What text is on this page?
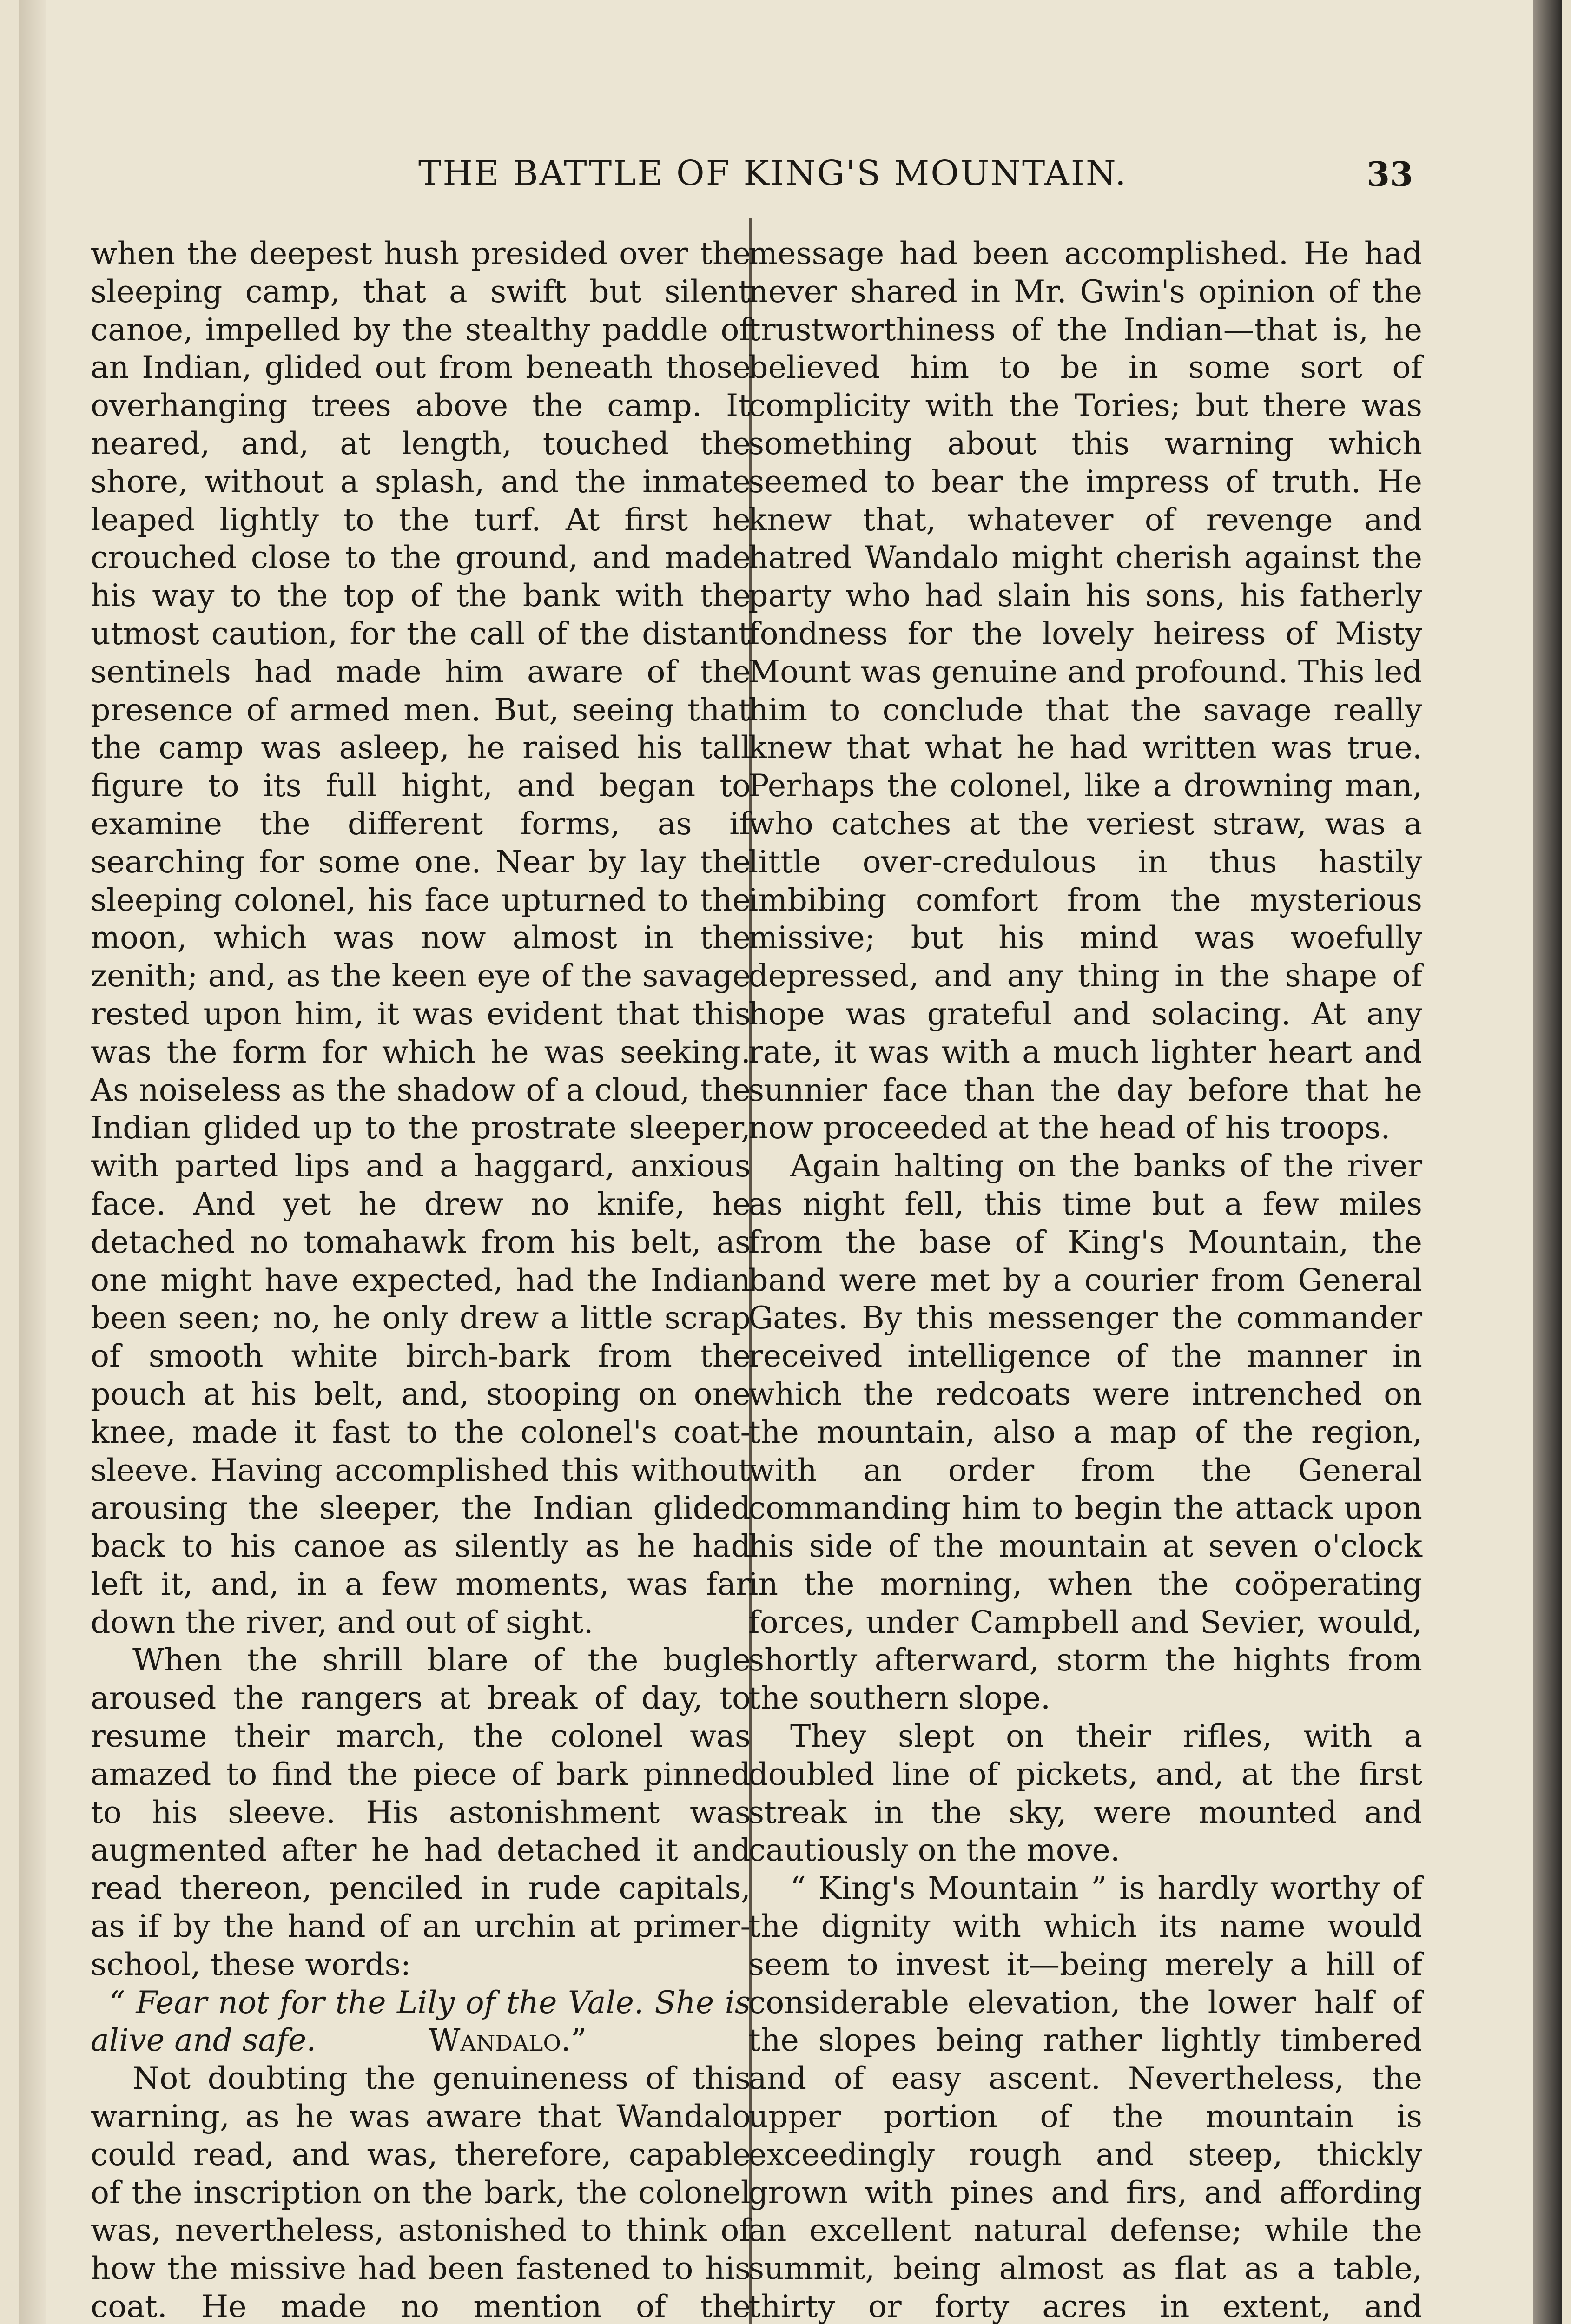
THE BATTLE OF KING'S MOUNTAIN.	33

when the deepest hush presided over the sleeping camp, that a swift but silent canoe, impelled by the stealthy paddle of an Indian, glided out from beneath those overhanging trees above the camp. It neared, and, at length, touched the shore, without a splash, and the inmate leaped lightly to the turf. At first he crouched close to the ground, and made his way to the top of the bank with the utmost caution, for the call of the distant sentinels had made him aware of the presence of armed men. But, seeing that the camp was asleep, he raised his tall figure to its full hight, and began to examine the different forms, as if searching for some one. Near by lay the sleeping colonel, his face upturned to the moon, which was now almost in the zenith; and, as the keen eye of the savage rested upon him, it was evident that this was the form for which he was seeking. As noiseless as the shadow of a cloud, the Indian glided up to the prostrate sleeper, with parted lips and a haggard, anxious face. And yet he drew no knife, he detached no tomahawk from his belt, as one might have expected, had the Indian been seen; no, he only drew a little scrap of smooth white birch-bark from the pouch at his belt, and, stooping on one knee, made it fast to the colonel's coat-sleeve. Having accomplished this without arousing the sleeper, the Indian glided back to his canoe as silently as he had left it, and, in a few moments, was far down the river, and out of sight.

When the shrill blare of the bugle aroused the rangers at break of day, to resume their march, the colonel was amazed to find the piece of bark pinned to his sleeve. His astonishment was augmented after he had detached it and read thereon, penciled in rude capitals, as if by the hand of an urchin at primer-school, these words:

“ Fear not for the Lily of the Vale. She is alive and safe.    	Wandalo.”

Not doubting the genuineness of this warning, as he was aware that Wandalo could read, and was, therefore, capable of the inscription on the bark, the colonel was, nevertheless, astonished to think of how the missive had been fastened to his coat. He made no mention of the

message had been accomplished. He had never shared in Mr. Gwin's opinion of the trustworthiness of the Indian—that is, he believed him to be in some sort of complicity with the Tories; but there was something about this warning which seemed to bear the impress of truth. He knew that, whatever of revenge and hatred Wandalo might cherish against the party who had slain his sons, his fatherly fondness for the lovely heiress of Misty Mount was genuine and profound. This led him to conclude that the savage really knew that what he had written was true. Perhaps the colonel, like a drowning man, who catches at the veriest straw, was a little over-credulous in thus hastily imbibing comfort from the mysterious missive; but his mind was woefully depressed, and any thing in the shape of hope was grateful and solacing. At any rate, it was with a much lighter heart and sunnier face than the day before that he now proceeded at the head of his troops.

Again halting on the banks of the river as night fell, this time but a few miles from the base of King's Mountain, the band were met by a courier from General Gates. By this messenger the commander received intelligence of the manner in which the redcoats were intrenched on the mountain, also a map of the region, with an order from the General commanding him to begin the attack upon his side of the mountain at seven o'clock in the morning, when the coöperating forces, under Campbell and Sevier, would, shortly afterward, storm the hights from the southern slope.

They slept on their rifles, with a doubled line of pickets, and, at the first streak in the sky, were mounted and cautiously on the move.

“ King's Mountain ” is hardly worthy of the dignity with which its name would seem to invest it—being merely a hill of considerable elevation, the lower half of the slopes being rather lightly timbered and of easy ascent. Nevertheless, the upper portion of the mountain is exceedingly rough and steep, thickly grown with pines and firs, and affording an excellent natural defense; while the summit, being almost as flat as a table, thirty or forty acres in extent, and
